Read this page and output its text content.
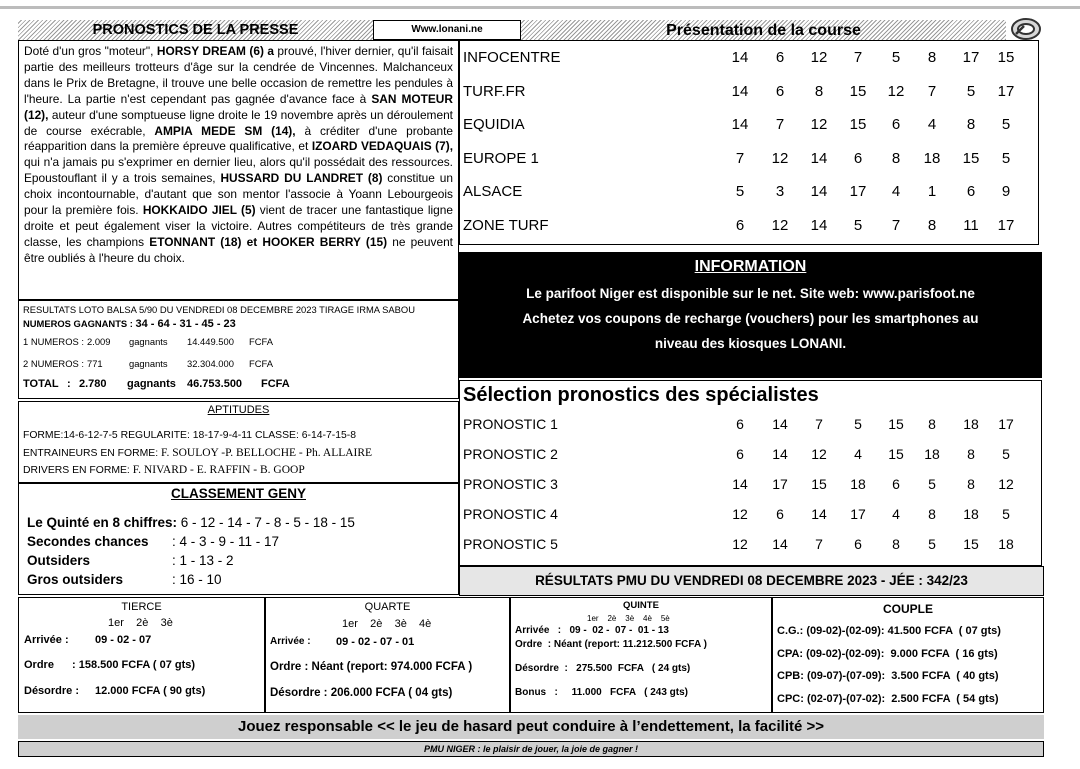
PRONOSTICS DE LA PRESSE	Www.lonani.ne	Présentation de la course
Doté d'un gros "moteur", HORSY DREAM (6) a prouvé, l'hiver dernier, qu'il faisait partie des meilleurs trotteurs d'âge sur la cendrée de Vincennes. Malchanceux dans le Prix de Bretagne, il trouve une belle occasion de remettre les pendules à l'heure. La partie n'est cependant pas gagnée d'avance face à SAN MOTEUR (12), auteur d'une somptueuse ligne droite le 19 novembre après un déroulement de course exécrable, AMPIA MEDE SM (14), à créditer d'une probante réapparition dans la première épreuve qualificative, et IZOARD VEDAQUAIS (7), qui n'a jamais pu s'exprimer en dernier lieu, alors qu'il possédait des ressources. Epoustouflant il y a trois semaines, HUSSARD DU LANDRET (8) constitue un choix incontournable, d'autant que son mentor l'associe à Yoann Lebourgeois pour la première fois. HOKKAIDO JIEL (5) vient de tracer une fantastique ligne droite et peut également viser la victoire. Autres compétiteurs de très grande classe, les champions ETONNANT (18) et HOOKER BERRY (15) ne peuvent être oubliés à l'heure du choix.
INFOCENTRE	14	6	12	7	5	8	17	15
TURF.FR	14	6	8	15	12	7	5	17
EQUIDIA	14	7	12	15	6	4	8	5
EUROPE 1	7	12	14	6	8	18	15	5
ALSACE	5	3	14	17	4	1	6	9
ZONE TURF	6	12	14	5	7	8	11	17
INFORMATION
Le parifoot Niger est disponible sur le net. Site web: www.parisfoot.ne
Achetez vos coupons de recharge (vouchers) pour les smartphones au
niveau des kiosques LONANI.
RESULTATS LOTO BALSA 5/90 DU VENDREDI 08 DECEMBRE 2023 TIRAGE IRMA SABOU
NUMEROS GAGNANTS : 34 - 64 - 31 - 45 - 23
1 NUMEROS : 2.009	gagnants	14.449.500	FCFA
2 NUMEROS : 771	gagnants	32.304.000	FCFA
TOTAL : 2.780	gagnants	46.753.500	FCFA
APTITUDES
FORME:14-6-12-7-5 REGULARITE: 18-17-9-4-11 CLASSE: 6-14-7-15-8
ENTRAINEURS EN FORME: F. SOULOY -P. BELLOCHE - Ph. ALLAIRE
DRIVERS EN FORME: F. NIVARD - E. RAFFIN - B. GOOP
CLASSEMENT GENY
Le Quinté en 8 chiffres: 6 - 12 - 14 - 7 - 8 - 5 - 18 - 15
Secondes chances	: 4 - 3 - 9 - 11 - 17
Outsiders	: 1 - 13 - 2
Gros outsiders	: 16 - 10
Sélection pronostics des spécialistes
PRONOSTIC 1	6	14	7	5	15	8	18	17
PRONOSTIC 2	6	14	12	4	15	18	8	5
PRONOSTIC 3	14	17	15	18	6	5	8	12
PRONOSTIC 4	12	6	14	17	4	8	18	5
PRONOSTIC 5	12	14	7	6	8	5	15	18
RÉSULTATS PMU DU VENDREDI 08 DECEMBRE 2023 - JÉE : 342/23
TIERCE
1er    2è    3è
Arrivée :	09 - 02 - 07
Ordre	: 158.500 FCFA ( 07 gts)
Désordre :	12.000 FCFA ( 90 gts)
QUARTE
1er    2è    3è    4è
Arrivée :	09 - 02 - 07 - 01
Ordre : Néant (report: 974.000 FCFA )
Désordre : 206.000 FCFA ( 04 gts)
QUINTE
1er    2è    3è    4è    5è
Arrivée   :   09 -  02 -  07 -  01 - 13
Ordre  : Néant (report: 11.212.500 FCFA )
Désordre  :   275.500  FCFA   ( 24 gts)
Bonus   :     11.000   FCFA   ( 243 gts)
COUPLE
C.G.: (09-02)-(02-09): 41.500 FCFA  ( 07 gts)
CPA: (09-02)-(02-09):  9.000 FCFA  ( 16 gts)
CPB: (09-07)-(07-09):  3.500 FCFA  ( 40 gts)
CPC: (02-07)-(07-02):  2.500 FCFA  ( 54 gts)
Jouez responsable << le jeu de hasard peut conduire à l’endettement, la facilité >>
PMU NIGER : le plaisir de jouer, la joie de gagner !
